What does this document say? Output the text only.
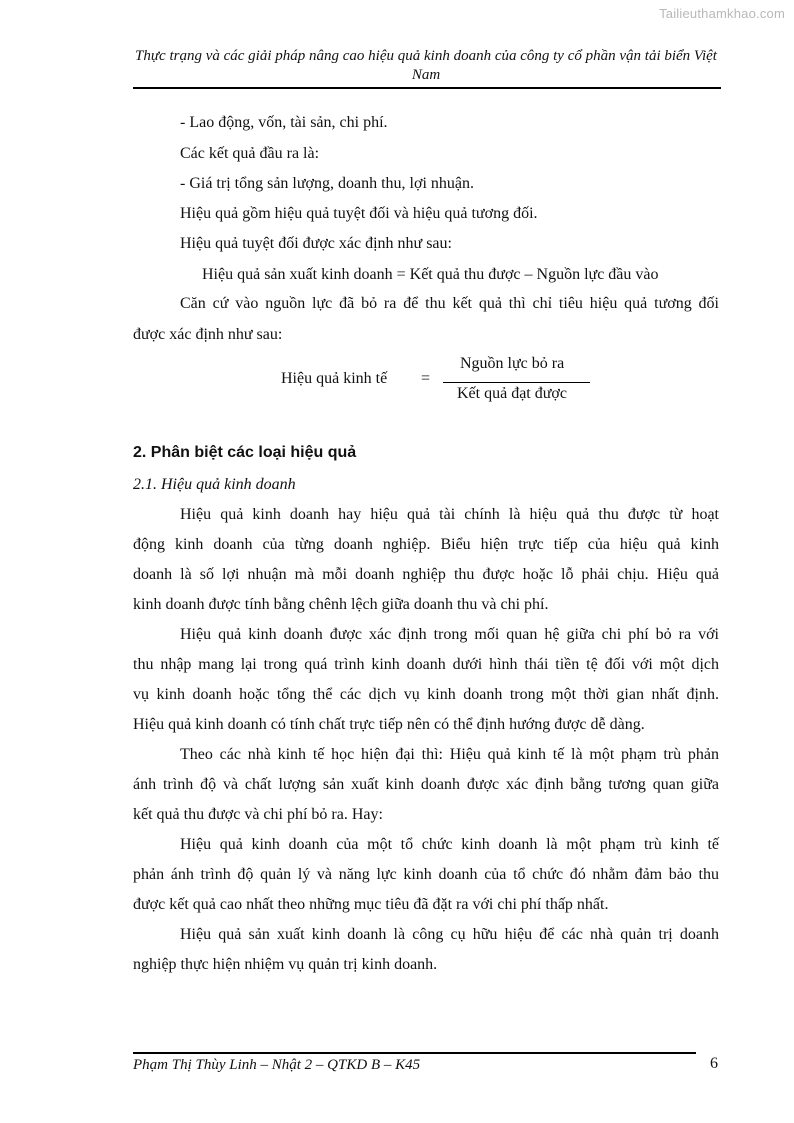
Tailieuthamkhao.com
Thực trạng và các giải pháp nâng cao hiệu quả kinh doanh của công ty cổ phần vận tải biển Việt Nam
- Lao động, vốn, tài sản, chi phí.
Các kết quả đầu ra là:
- Giá trị tổng sản lượng, doanh thu, lợi nhuận.
Hiệu quả gồm hiệu quả tuyệt đối và hiệu quả tương đối.
Hiệu quả tuyệt đối được xác định như sau:
Hiệu quả sản xuất kinh doanh = Kết quả thu được – Nguồn lực đầu vào
Căn cứ vào nguồn lực đã bỏ ra để thu kết quả thì chỉ tiêu hiệu quả tương đối
được xác định như sau:
Hiệu quả kinh tế =
Nguồn lực bỏ ra
Kết quả đạt được
2. Phân biệt các loại hiệu quả
2.1. Hiệu quả kinh doanh
Hiệu quả kinh doanh hay hiệu quả tài chính là hiệu quả thu được từ hoạt
động kinh doanh của từng doanh nghiệp. Biểu hiện trực tiếp của hiệu quả kinh
doanh là số lợi nhuận mà mỗi doanh nghiệp thu được hoặc lỗ phải chịu. Hiệu quả
kinh doanh được tính bằng chênh lệch giữa doanh thu và chi phí.
Hiệu quả kinh doanh được xác định trong mối quan hệ giữa chi phí bỏ ra với
thu nhập mang lại trong quá trình kinh doanh dưới hình thái tiền tệ đối với một dịch
vụ kinh doanh hoặc tổng thể các dịch vụ kinh doanh trong một thời gian nhất định.
Hiệu quả kinh doanh có tính chất trực tiếp nên có thể định hướng được dễ dàng.
Theo các nhà kinh tế học hiện đại thì: Hiệu quả kinh tế là một phạm trù phản
ánh trình độ và chất lượng sản xuất kinh doanh được xác định bằng tương quan giữa
kết quả thu được và chi phí bỏ ra. Hay:
Hiệu quả kinh doanh của một tổ chức kinh doanh là một phạm trù kinh tế
phản ánh trình độ quản lý và năng lực kinh doanh của tổ chức đó nhằm đảm bảo thu
được kết quả cao nhất theo những mục tiêu đã đặt ra với chi phí thấp nhất.
Hiệu quả sản xuất kinh doanh là công cụ hữu hiệu để các nhà quản trị doanh
nghiệp thực hiện nhiệm vụ quản trị kinh doanh.
Phạm Thị Thùy Linh – Nhật 2 – QTKD B – K45	6
